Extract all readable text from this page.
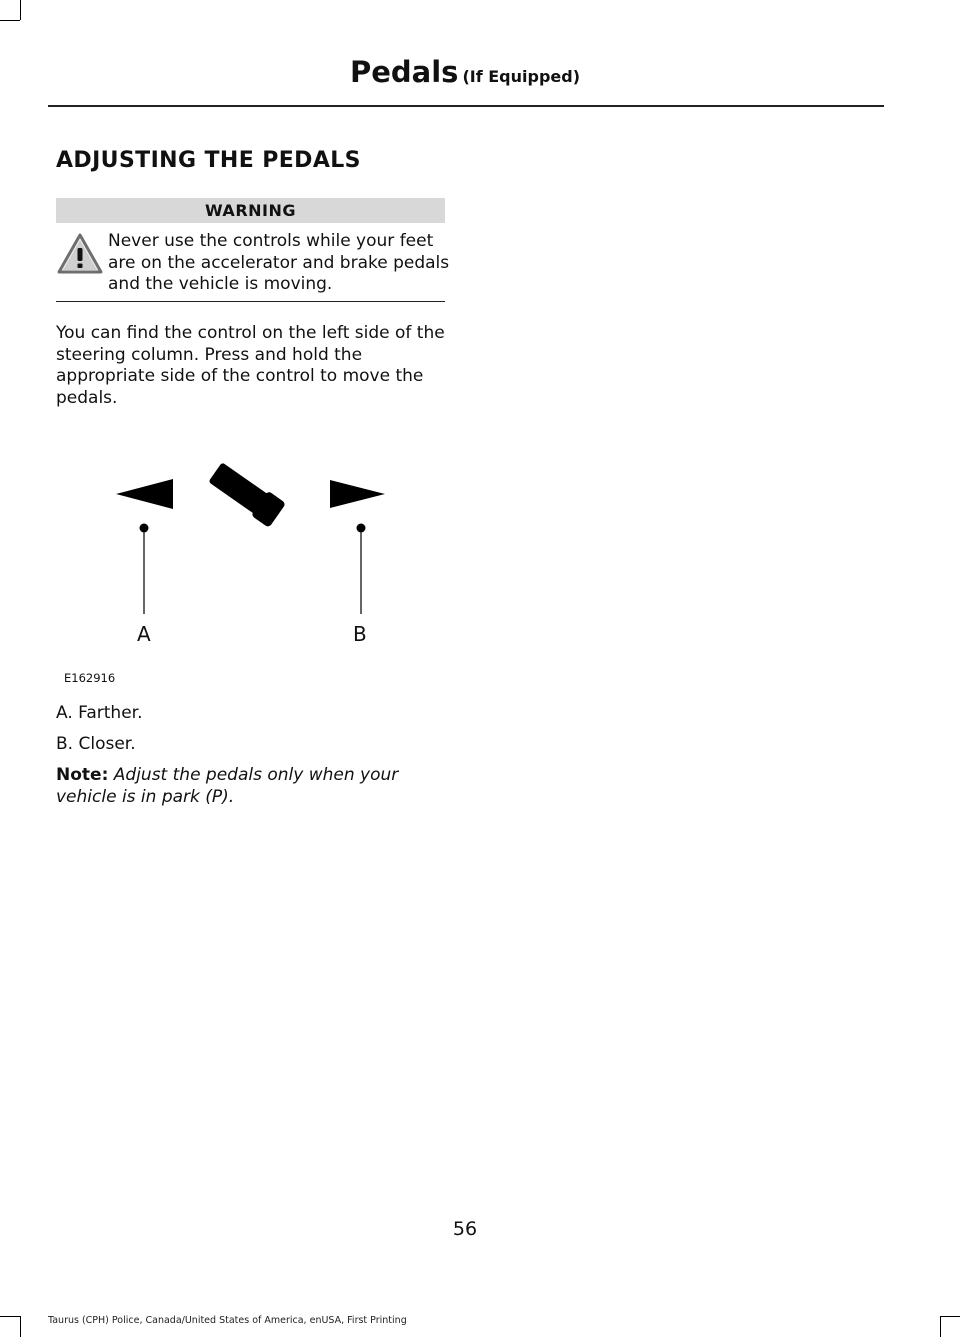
Pedals (If Equipped)
ADJUSTING THE PEDALS
WARNING
Never use the controls while your feet are on the accelerator and brake pedals and the vehicle is moving.
You can find the control on the left side of the steering column. Press and hold the appropriate side of the control to move the pedals.
A	B
E162916
A. Farther.
B. Closer.
Note: Adjust the pedals only when your vehicle is in park (P).
56
Taurus (CPH) Police, Canada/United States of America, enUSA, First Printing
